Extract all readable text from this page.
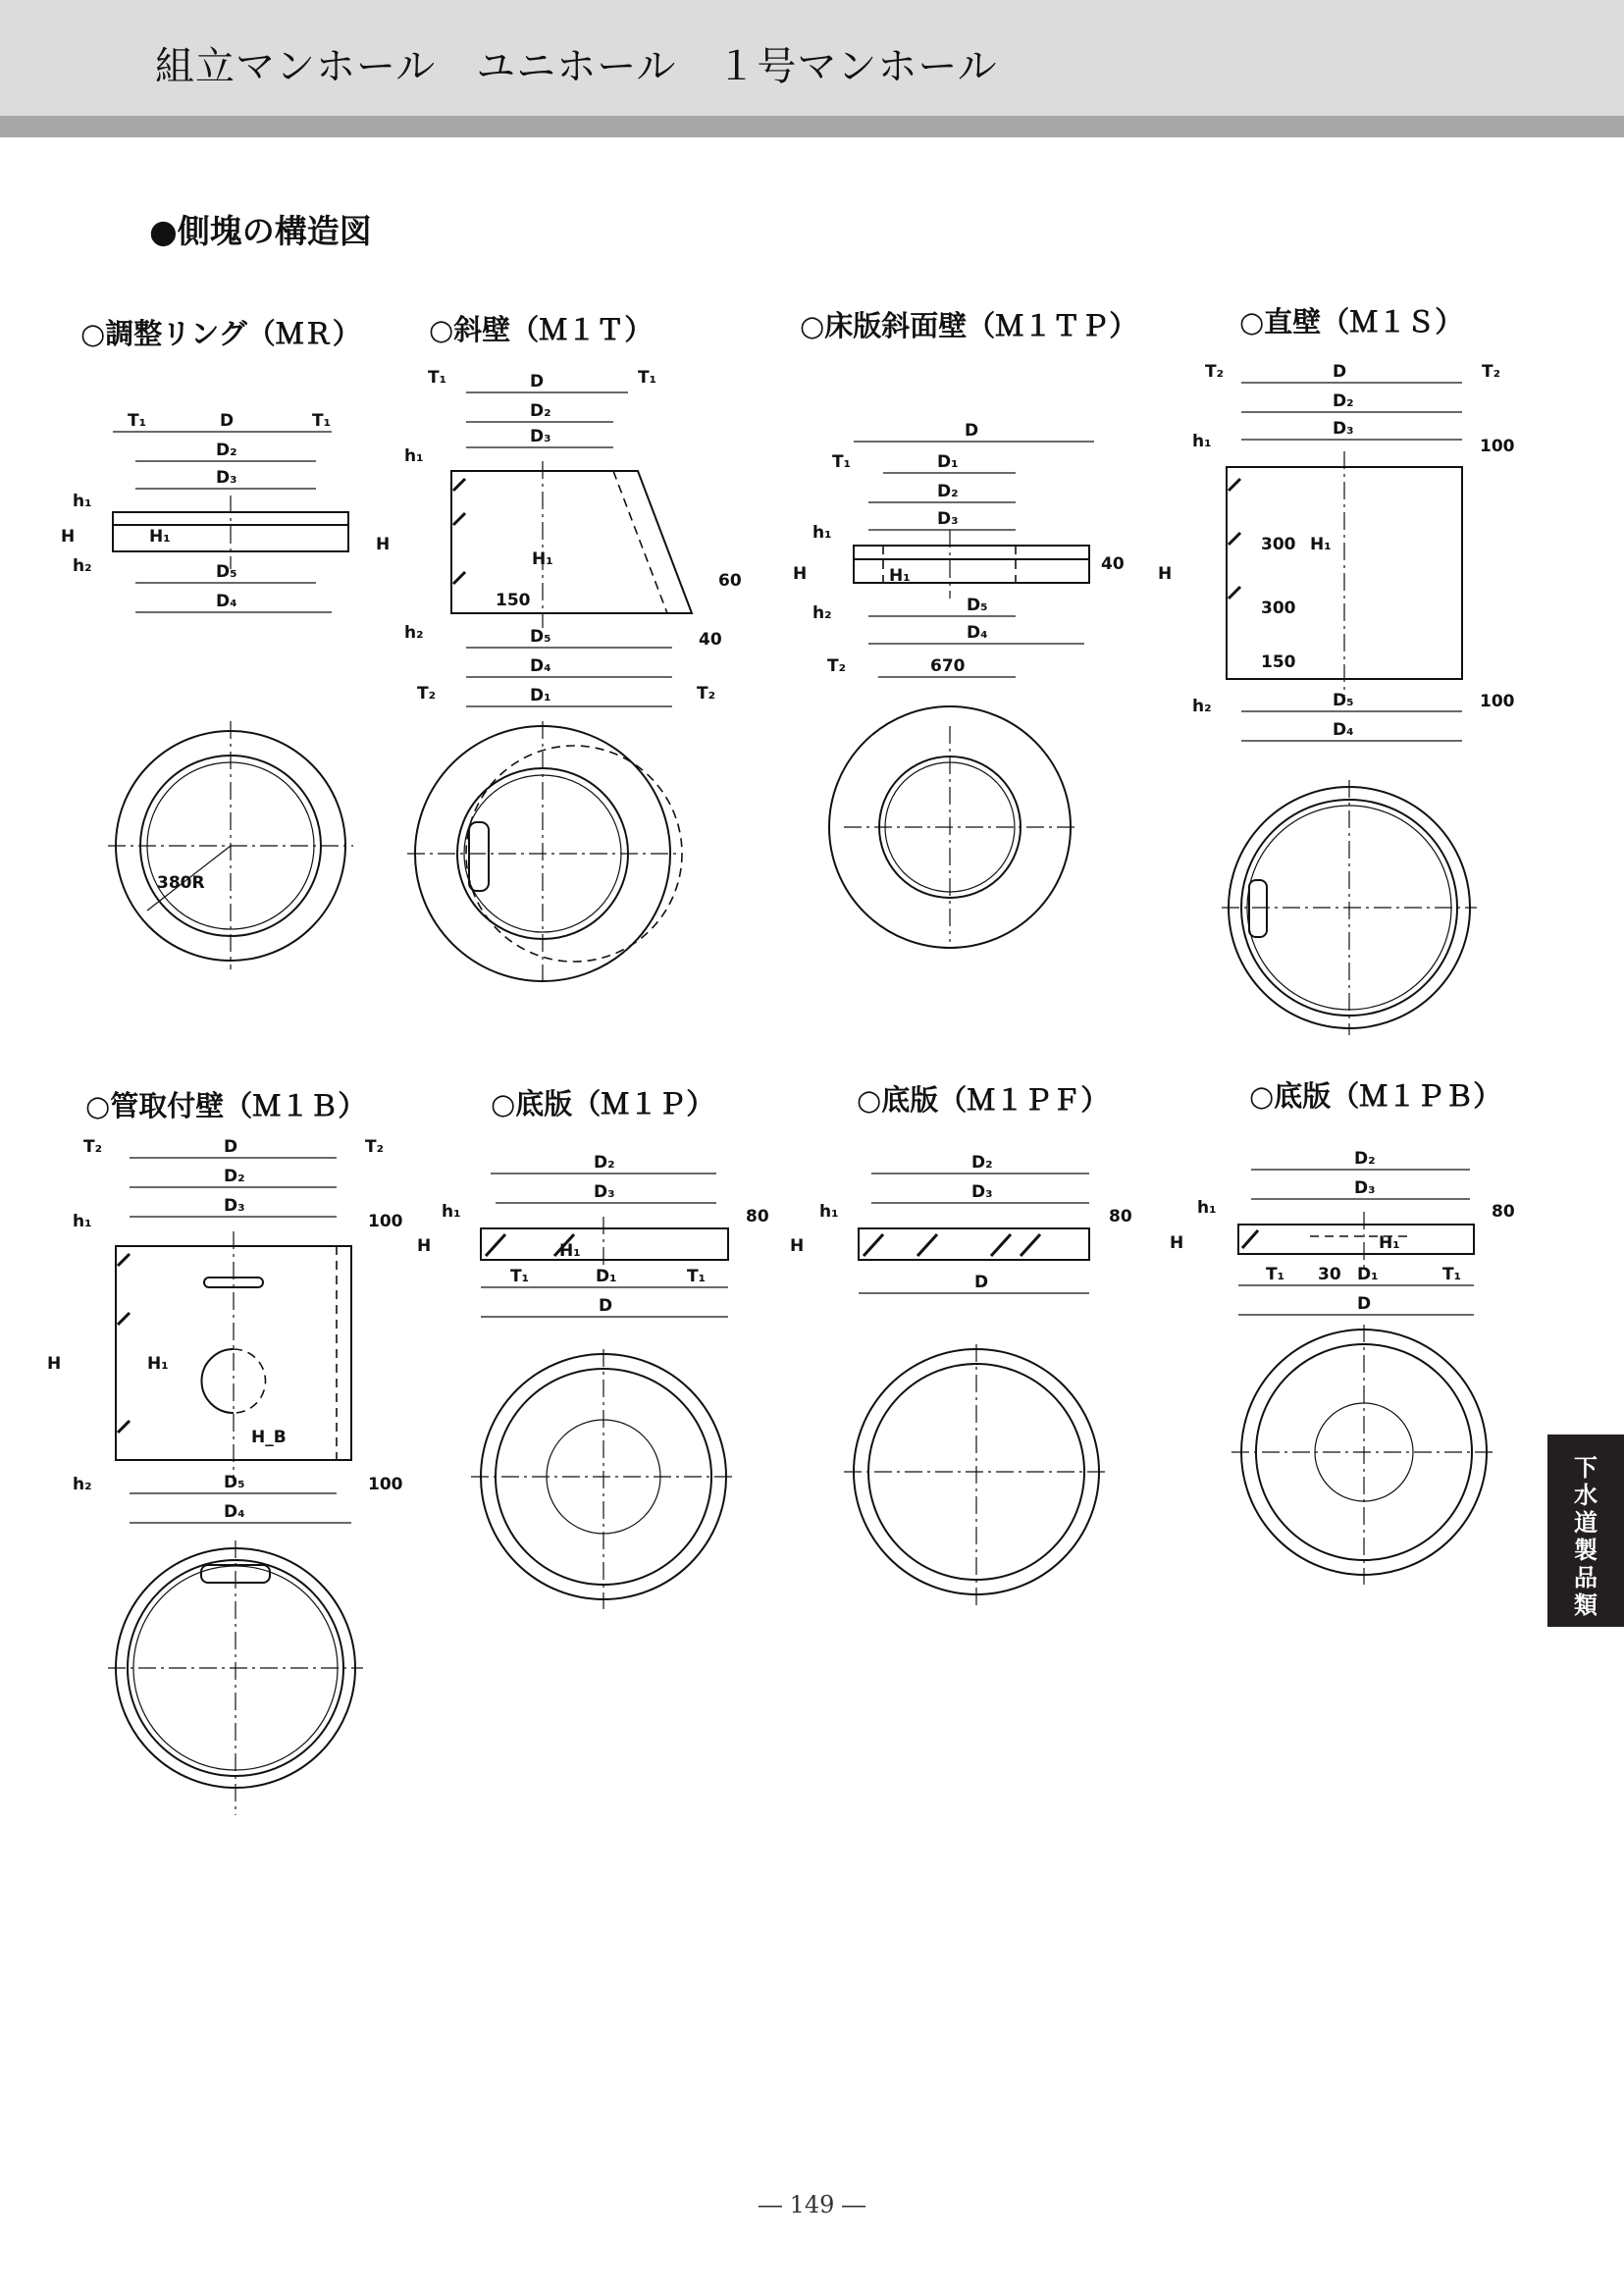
組立マンホール　ユニホール　１号マンホール
●側塊の構造図
○調整リング（ＭＲ） ○斜壁（Ｍ１Ｔ）	○床版斜面壁（Ｍ１ＴＰ）	○直壁（Ｍ１Ｓ）
○管取付壁（Ｍ１Ｂ）	○底版（Ｍ１Ｐ）	○底版（Ｍ１ＰＦ）	○底版（Ｍ１ＰＢ）
D
T₁	T₁
D₂
D₃
D₅
D₄
H
h₁
h₂
H₁
380R
D
D₂
D₃
D₅
D₄
D₁
T₁	T₁
T₂	T₂
H
h₁
h₂
H₁
150
60
40
D
D₁
D₂
D₃
D₅
D₄
670
T₁
T₂
H
h₁
h₂
H₁
40
D
D₂
D₃
D₅
D₄
T₂	T₂
H
h₁
h₂
H₁
300
300
150
100
100
D
D₂
D₃
D₅
D₄
T₂	T₂
H
h₁
h₂
H₁
H_B
100
100
D₂
D₃
T₁	D₁	T₁
D
H
h₁
H₁
80
D₂
D₃
D
H
h₁	80
D₂
D₃
T₁	D₁	T₁
D
30
H
h₁
H₁
80
下水道製品類
― 149 ―
